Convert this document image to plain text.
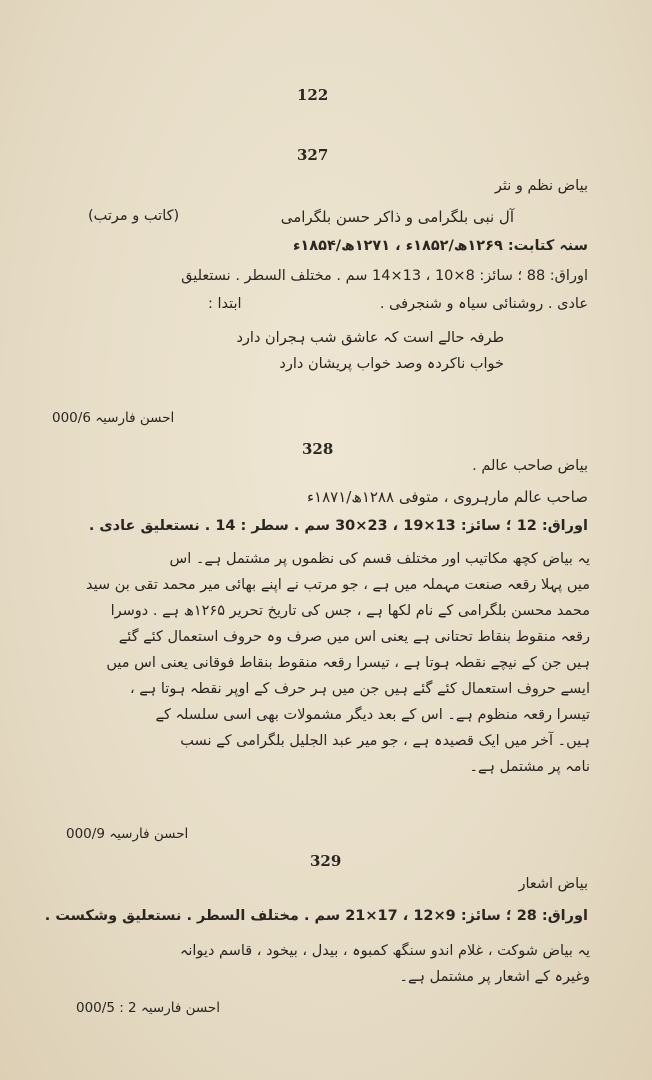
122
327
بیاض نظم و نثر
آل نبی بلگرامی و ذاکر حسن بلگرامی
(کاتب و مرتب)
سنہ کتابت: ۱۲۶۹ھ/۱۸۵۲ء ، ۱۲۷۱ھ/۱۸۵۴ء
اوراق: 88 ؛ سائز: 8×10 ، 13×14 سم . مختلف السطر . نستعلیق
عادی . روشنائی سیاہ و شنجرفی .
ابتدا :
طرفہ حالے است کہ عاشق شب ہجران دارد
خواب ناکردہ وصد خواب پریشان دارد
احسن فارسیہ 000/6
328
بیاض صاحب عالم .
صاحب عالم مارہروی ، متوفی ۱۲۸۸ھ/۱۸۷۱ء
اوراق: 12 ؛ سائز: 13×19 ، 23×30 سم . سطر : 14 . نستعلیق عادی .
یہ بیاض کچھ مکاتیب اور مختلف قسم کی نظموں پر مشتمل ہے۔ اس
میں پہلا رقعہ صنعت مہملہ میں ہے ، جو مرتب نے اپنے بھائی میر محمد تقی بن سید
محمد محسن بلگرامی کے نام لکھا ہے ، جس کی تاریخ تحریر ۱۲۶۵ھ ہے . دوسرا
رقعہ منقوط بنقاط تحتانی ہے یعنی اس میں صرف وہ حروف استعمال کئے گئے
ہیں جن کے نیچے نقطہ ہوتا ہے ، تیسرا رقعہ منقوط بنقاط فوقانی یعنی اس میں
ایسے حروف استعمال کئے گئے ہیں جن میں ہر حرف کے اوپر نقطہ ہوتا ہے ،
تیسرا رقعہ منظوم ہے۔ اس کے بعد دیگر مشمولات بھی اسی سلسلہ کے
ہیں۔ آخر میں ایک قصیدہ ہے ، جو میر عبد الجلیل بلگرامی کے نسب
نامہ پر مشتمل ہے۔
احسن فارسیہ 000/9
329
بیاض اشعار
اوراق: 28 ؛ سائز: 9×12 ، 17×21 سم . مختلف السطر . نستعلیق وشکست .
یہ بیاض شوکت ، غلام اندو سنگھ کمبوہ ، بیدل ، بیخود ، قاسم دیوانہ
وغیرہ کے اشعار پر مشتمل ہے۔
احسن فارسیہ 2 : 000/5
